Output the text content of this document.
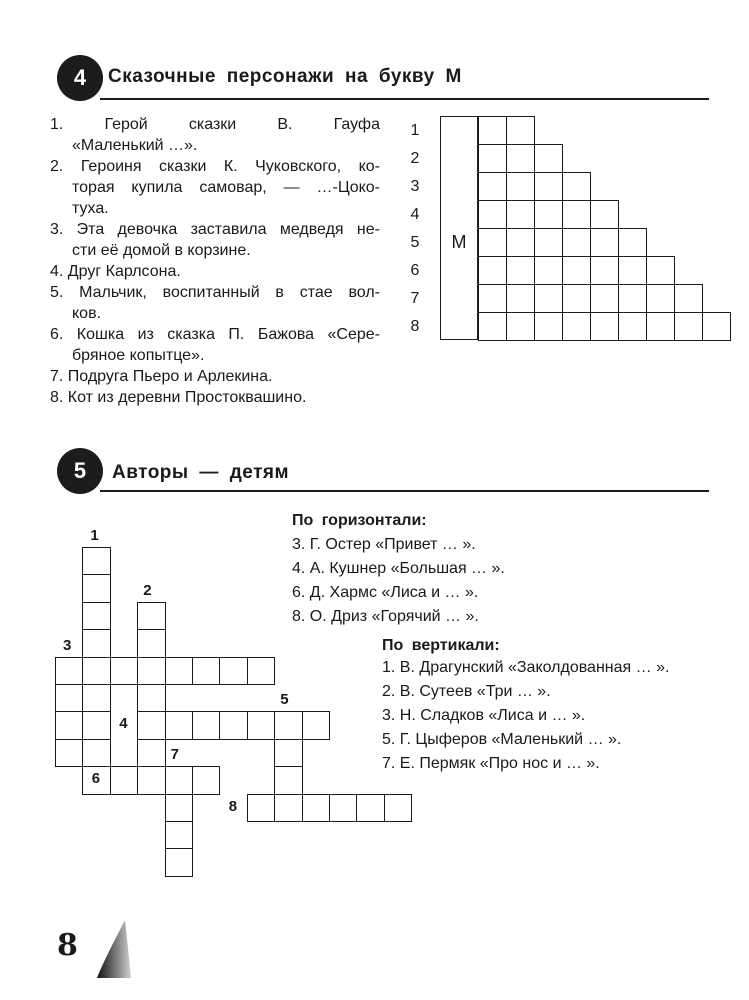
4 Сказочные персонажи на букву М
1. Герой сказки В. Гауфа
«Маленький …».
2. Героиня сказки К. Чуковского, ко-
торая купила самовар, — …-Цоко-
туха.
3. Эта девочка заставила медведя не-
сти её домой в корзине.
4. Друг Карлсона.
5. Мальчик, воспитанный в стае вол-
ков.
6. Кошка из сказка П. Бажова «Сере-
бряное копытце».
7. Подруга Пьеро и Арлекина.
8. Кот из деревни Простоквашино.
1
2
3
4
5
6
7
8
М
5 Авторы — детям
1
2
3
4
5
6
7
8
По горизонтали:
3. Г. Остер «Привет … ».
4. А. Кушнер «Большая … ».
6. Д. Хармс «Лиса и … ».
8. О. Дриз «Горячий … ».
По вертикали:
1. В. Драгунский «Заколдованная … ».
2. В. Сутеев «Три … ».
3. Н. Сладков «Лиса и … ».
5. Г. Цыферов «Маленький … ».
7. Е. Пермяк «Про нос и … ».
8
